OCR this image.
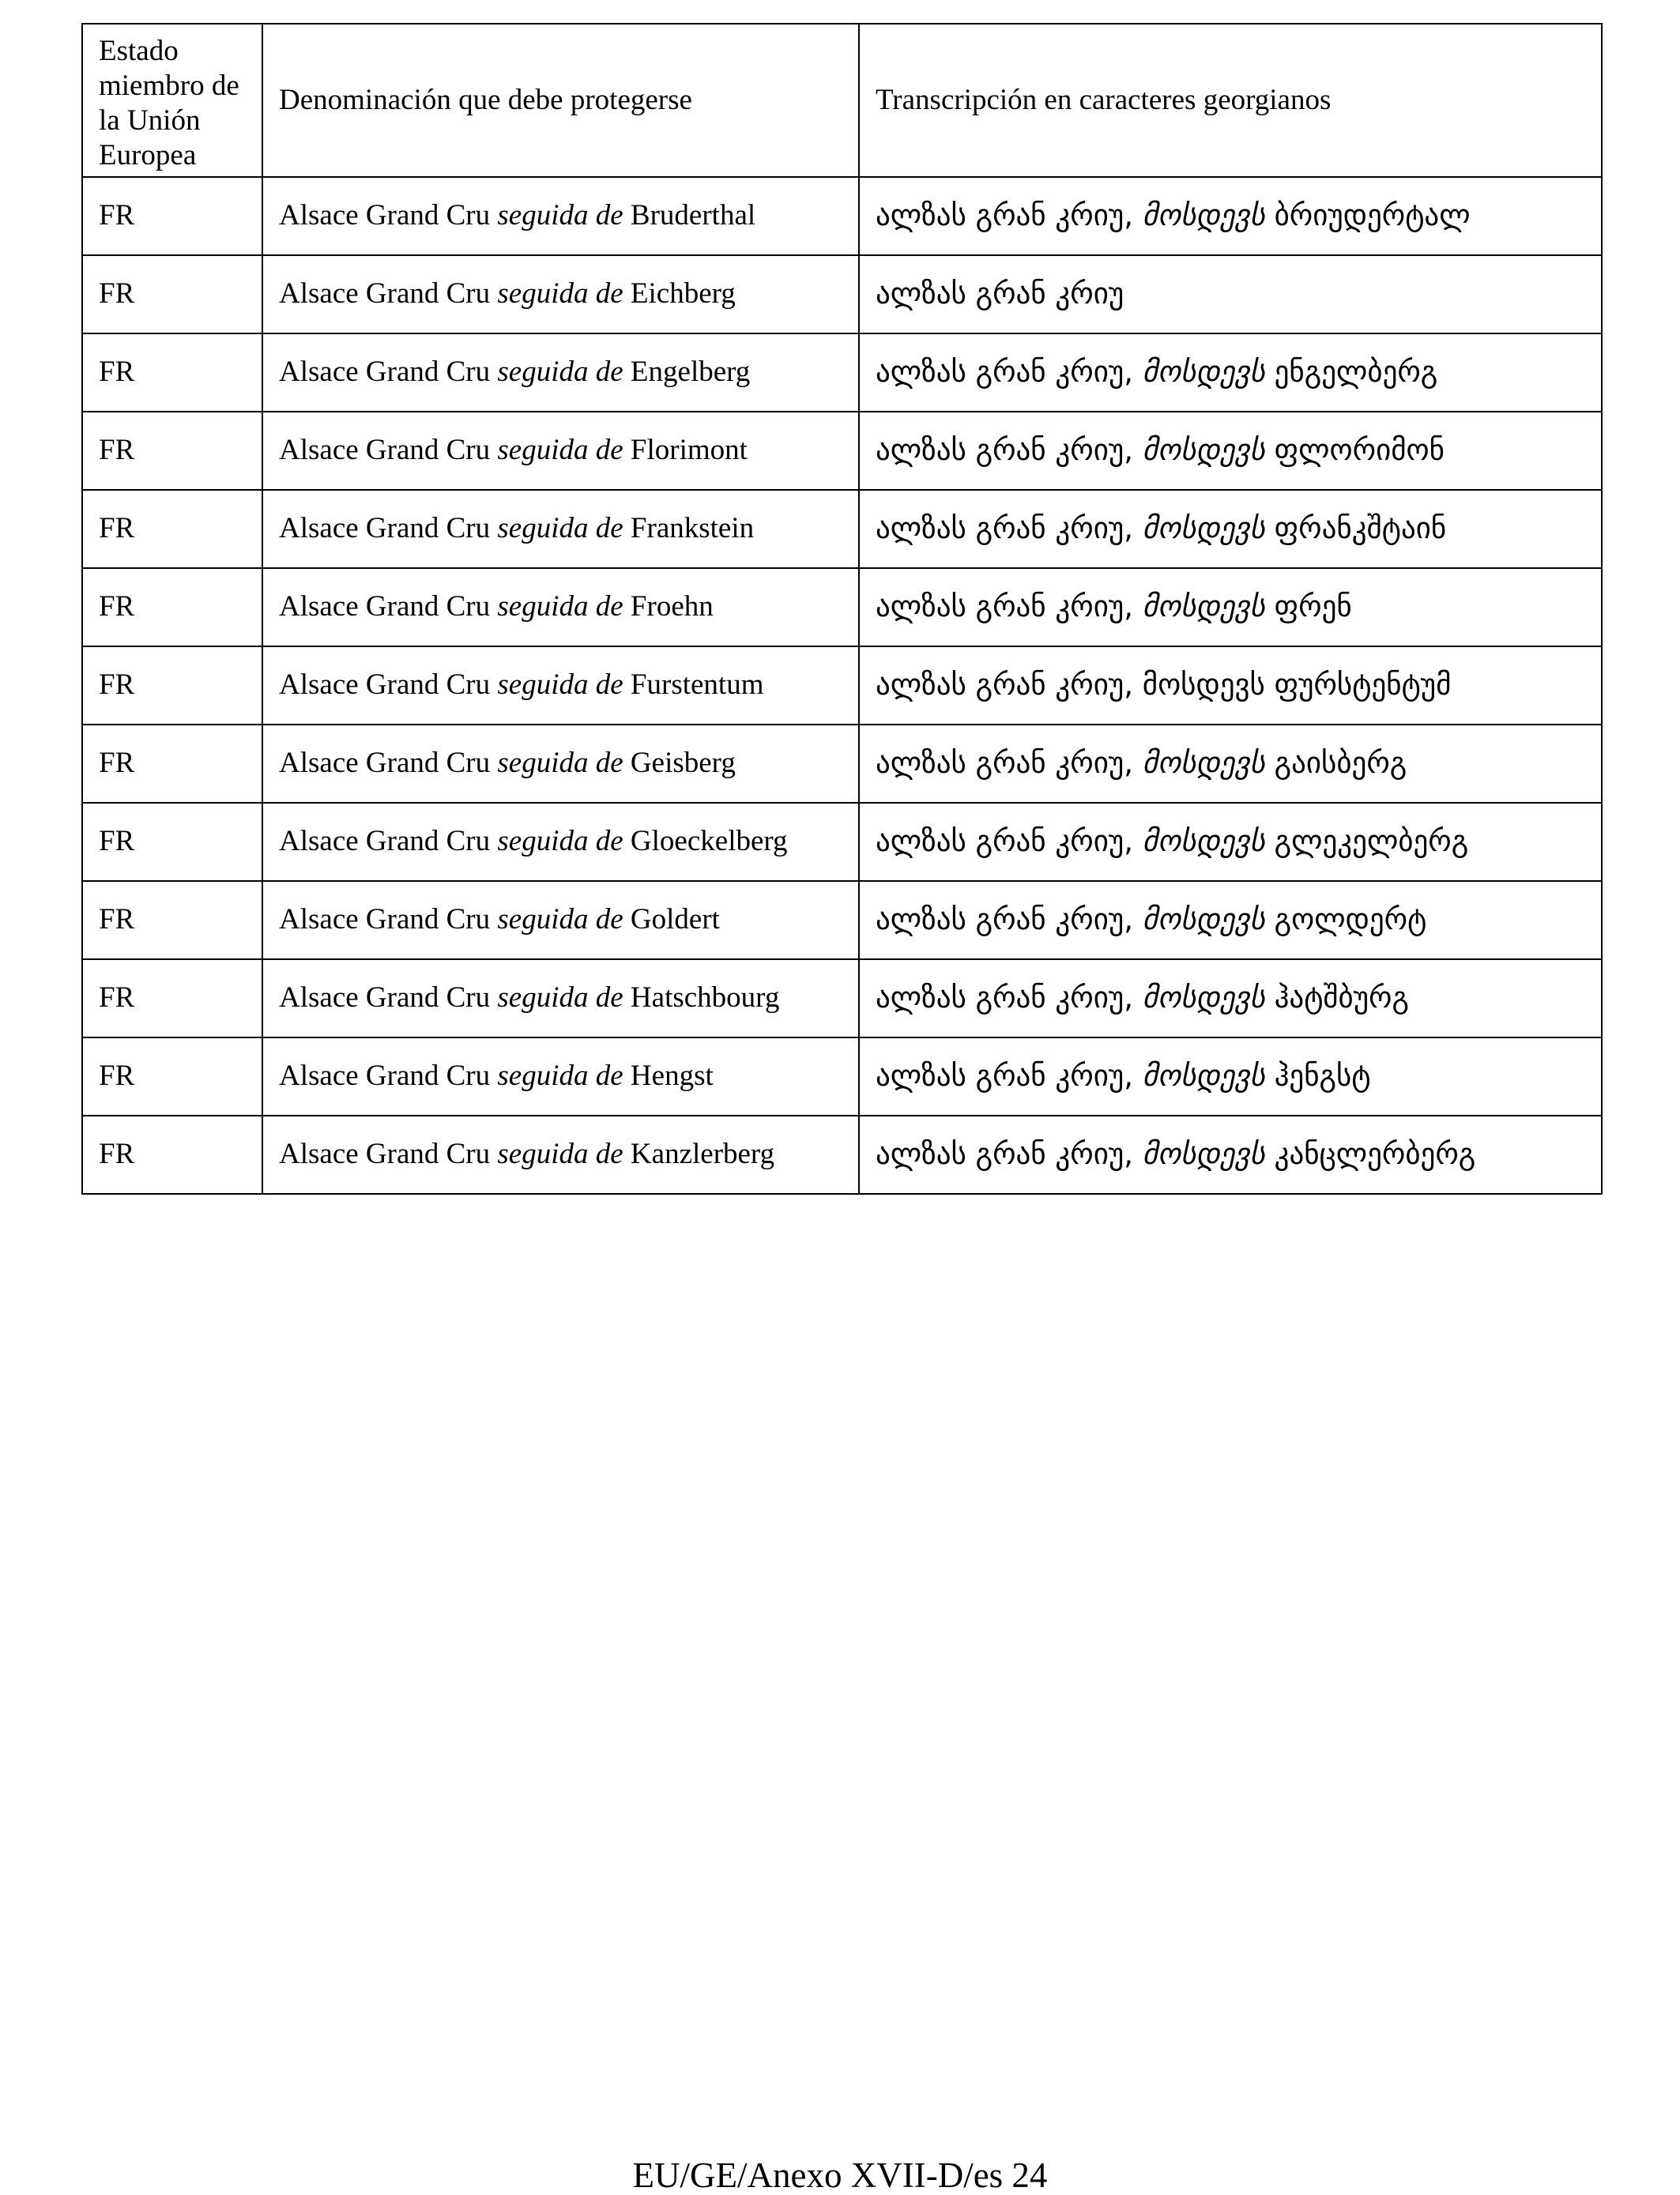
Estado miembro de la Unión Europea	Denominación que debe protegerse	Transcripción en caracteres georgianos
FR	Alsace Grand Cru seguida de Bruderthal	ალზას გრან კრიუ, მოსდევს ბრიუდერტალ
FR	Alsace Grand Cru seguida de Eichberg	ალზას გრან კრიუ
FR	Alsace Grand Cru seguida de Engelberg	ალზას გრან კრიუ, მოსდევს ენგელბერგ
FR	Alsace Grand Cru seguida de Florimont	ალზას გრან კრიუ, მოსდევს ფლორიმონ
FR	Alsace Grand Cru seguida de Frankstein	ალზას გრან კრიუ, მოსდევს ფრანკშტაინ
FR	Alsace Grand Cru seguida de Froehn	ალზას გრან კრიუ, მოსდევს ფრენ
FR	Alsace Grand Cru seguida de Furstentum	ალზას გრან კრიუ, მოსდევს ფურსტენტუმ
FR	Alsace Grand Cru seguida de Geisberg	ალზას გრან კრიუ, მოსდევს გაისბერგ
FR	Alsace Grand Cru seguida de Gloeckelberg	ალზას გრან კრიუ, მოსდევს გლეკელბერგ
FR	Alsace Grand Cru seguida de Goldert	ალზას გრან კრიუ, მოსდევს გოლდერტ
FR	Alsace Grand Cru seguida de Hatschbourg	ალზას გრან კრიუ, მოსდევს ჰატშბურგ
FR	Alsace Grand Cru seguida de Hengst	ალზას გრან კრიუ, მოსდევს ჰენგსტ
FR	Alsace Grand Cru seguida de Kanzlerberg	ალზას გრან კრიუ, მოსდევს კანცლერბერგ
EU/GE/Anexo XVII-D/es 24
